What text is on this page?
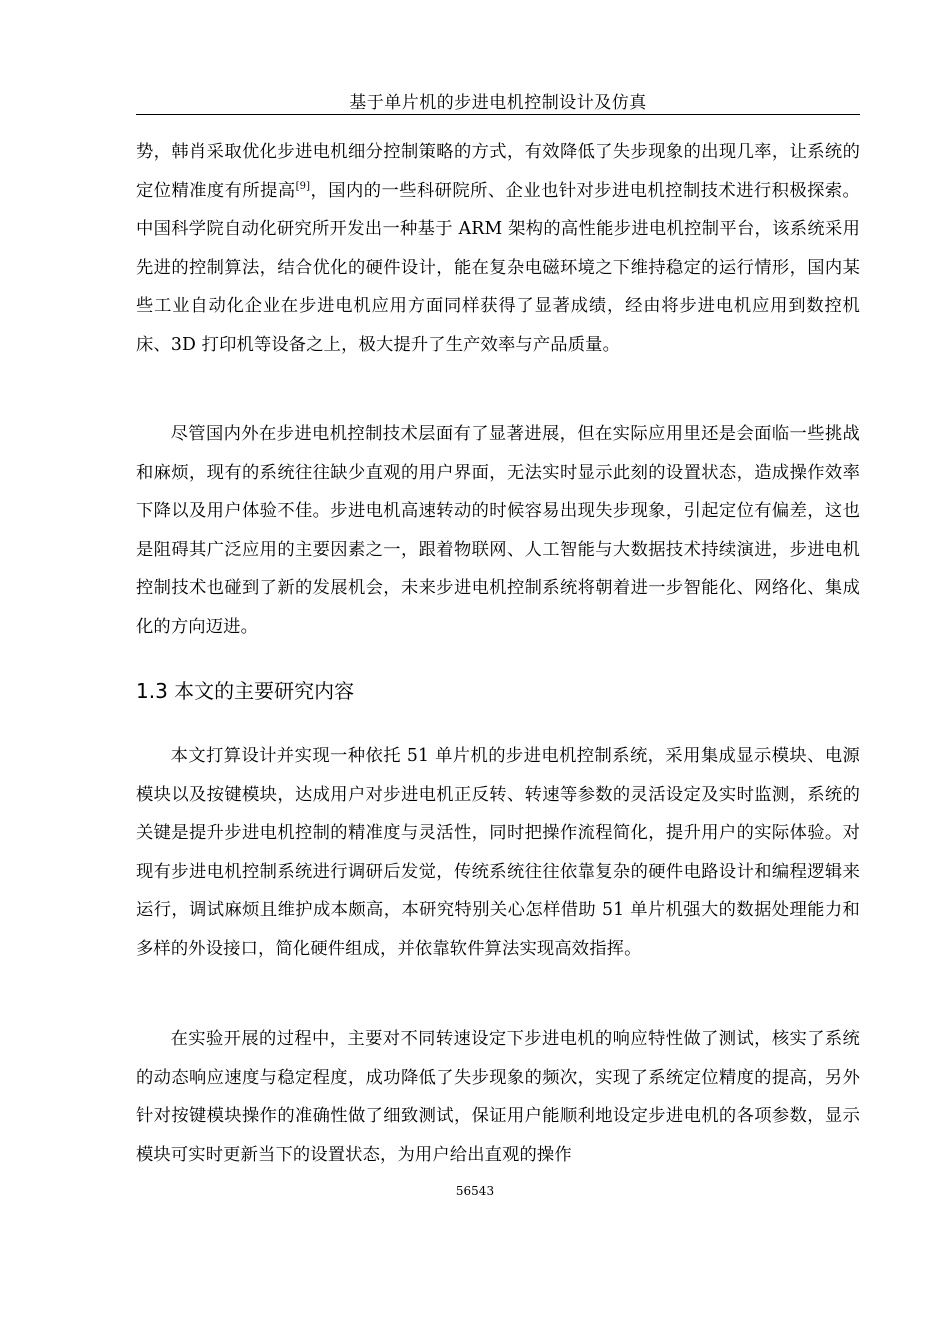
基于单片机的步进电机控制设计及仿真

势，韩肖采取优化步进电机细分控制策略的方式，有效降低了失步现象的出现几率，让系统的定位精准度有所提高[9]，国内的一些科研院所、企业也针对步进电机控制技术进行积极探索。中国科学院自动化研究所开发出一种基于 ARM 架构的高性能步进电机控制平台，该系统采用先进的控制算法，结合优化的硬件设计，能在复杂电磁环境之下维持稳定的运行情形，国内某些工业自动化企业在步进电机应用方面同样获得了显著成绩，经由将步进电机应用到数控机床、3D 打印机等设备之上，极大提升了生产效率与产品质量。

尽管国内外在步进电机控制技术层面有了显著进展，但在实际应用里还是会面临一些挑战和麻烦，现有的系统往往缺少直观的用户界面，无法实时显示此刻的设置状态，造成操作效率下降以及用户体验不佳。步进电机高速转动的时候容易出现失步现象，引起定位有偏差，这也是阻碍其广泛应用的主要因素之一，跟着物联网、人工智能与大数据技术持续演进，步进电机控制技术也碰到了新的发展机会，未来步进电机控制系统将朝着进一步智能化、网络化、集成化的方向迈进。

1.3 本文的主要研究内容

本文打算设计并实现一种依托 51 单片机的步进电机控制系统，采用集成显示模块、电源模块以及按键模块，达成用户对步进电机正反转、转速等参数的灵活设定及实时监测，系统的关键是提升步进电机控制的精准度与灵活性，同时把操作流程简化，提升用户的实际体验。对现有步进电机控制系统进行调研后发觉，传统系统往往依靠复杂的硬件电路设计和编程逻辑来运行，调试麻烦且维护成本颇高，本研究特别关心怎样借助 51 单片机强大的数据处理能力和多样的外设接口，简化硬件组成，并依靠软件算法实现高效指挥。

在实验开展的过程中，主要对不同转速设定下步进电机的响应特性做了测试，核实了系统的动态响应速度与稳定程度，成功降低了失步现象的频次，实现了系统定位精度的提高，另外针对按键模块操作的准确性做了细致测试，保证用户能顺利地设定步进电机的各项参数，显示模块可实时更新当下的设置状态，为用户给出直观的操作

56543
